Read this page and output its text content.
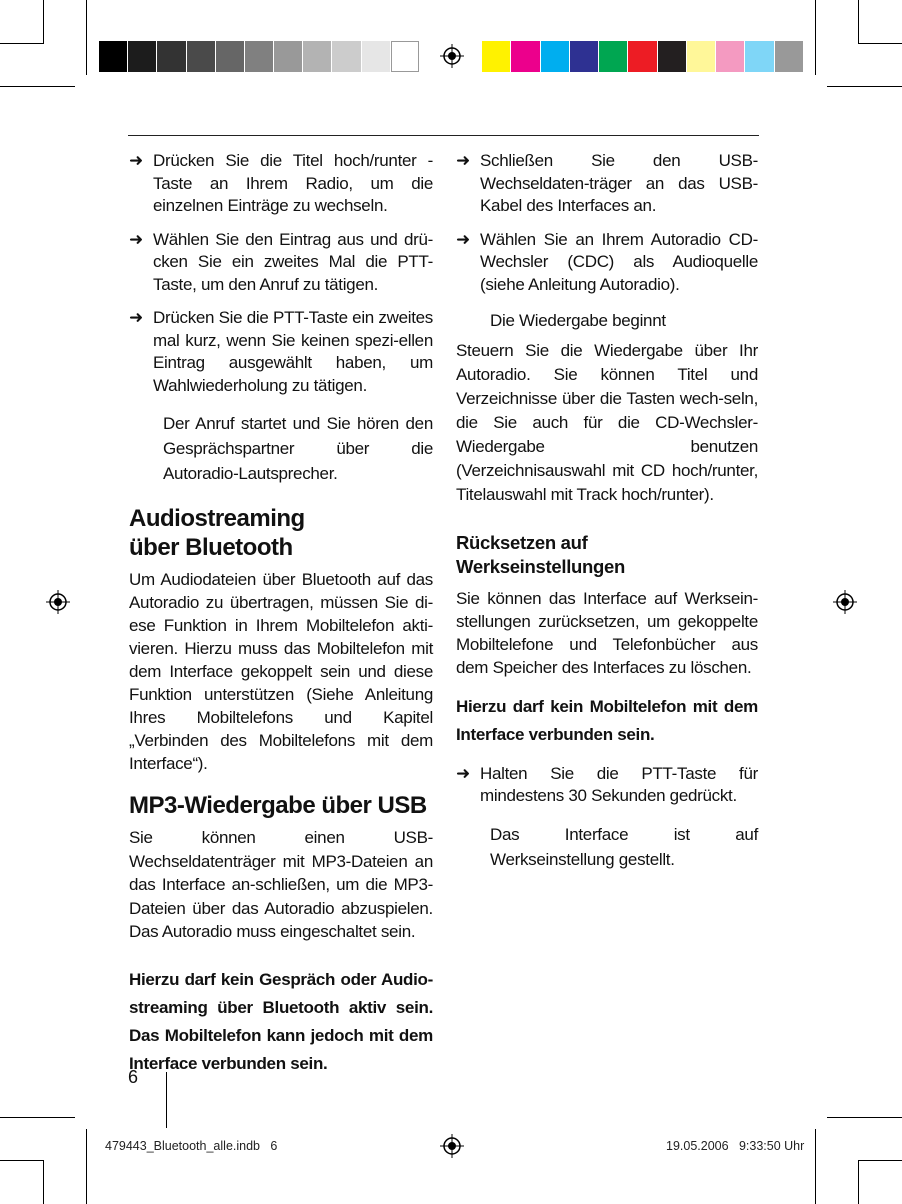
➜ Drücken Sie die Titel hoch/runter - Taste an Ihrem Radio, um die einzelnen Einträge zu wechseln.
➜ Wählen Sie den Eintrag aus und drü-cken Sie ein zweites Mal die PTT-Taste, um den Anruf zu tätigen.
➜ Drücken Sie die PTT-Taste ein zweites mal kurz, wenn Sie keinen spezi-ellen Eintrag ausgewählt haben, um Wahlwiederholung zu tätigen.
Der Anruf startet und Sie hören den Gesprächspartner über die Autoradio-Lautsprecher.
Audiostreaming
über Bluetooth

Um Audiodateien über Bluetooth auf das Autoradio zu übertragen, müssen Sie di-ese Funktion in Ihrem Mobiltelefon akti-vieren. Hierzu muss das Mobiltelefon mit dem Interface gekoppelt sein und diese Funktion unterstützen (Siehe Anleitung Ihres Mobiltelefons und Kapitel „Verbinden des Mobiltelefons mit dem Interface“).

MP3-Wiedergabe über USB

Sie können einen USB-Wechseldatenträger mit MP3-Dateien an das Interface an-schließen, um die MP3-Dateien über das Autoradio abzuspielen. Das Autoradio muss eingeschaltet sein.

Hierzu darf kein Gespräch oder Audio-streaming über Bluetooth aktiv sein. Das Mobiltelefon kann jedoch mit dem Interface verbunden sein.

➜ Schließen Sie den USB-Wechseldaten-träger an das USB-Kabel des Interfaces an.
➜ Wählen Sie an Ihrem Autoradio CD-Wechsler (CDC) als Audioquelle (siehe Anleitung Autoradio).
Die Wiedergabe beginnt

Steuern Sie die Wiedergabe über Ihr Autoradio. Sie können Titel und Verzeichnisse über die Tasten wech-seln, die Sie auch für die CD-Wechsler-Wiedergabe benutzen (Verzeichnisauswahl mit CD hoch/runter, Titelauswahl mit Track hoch/runter).

Rücksetzen auf Werkseinstellungen

Sie können das Interface auf Werksein-stellungen zurücksetzen, um gekoppelte Mobiltelefone und Telefonbücher aus dem Speicher des Interfaces zu löschen.

Hierzu darf kein Mobiltelefon mit dem Interface verbunden sein.

➜ Halten Sie die PTT-Taste für mindestens 30 Sekunden gedrückt.
Das Interface ist auf Werkseinstellung gestellt.
6
479443_Bluetooth_alle.indb   6	19.05.2006   9:33:50 Uhr
